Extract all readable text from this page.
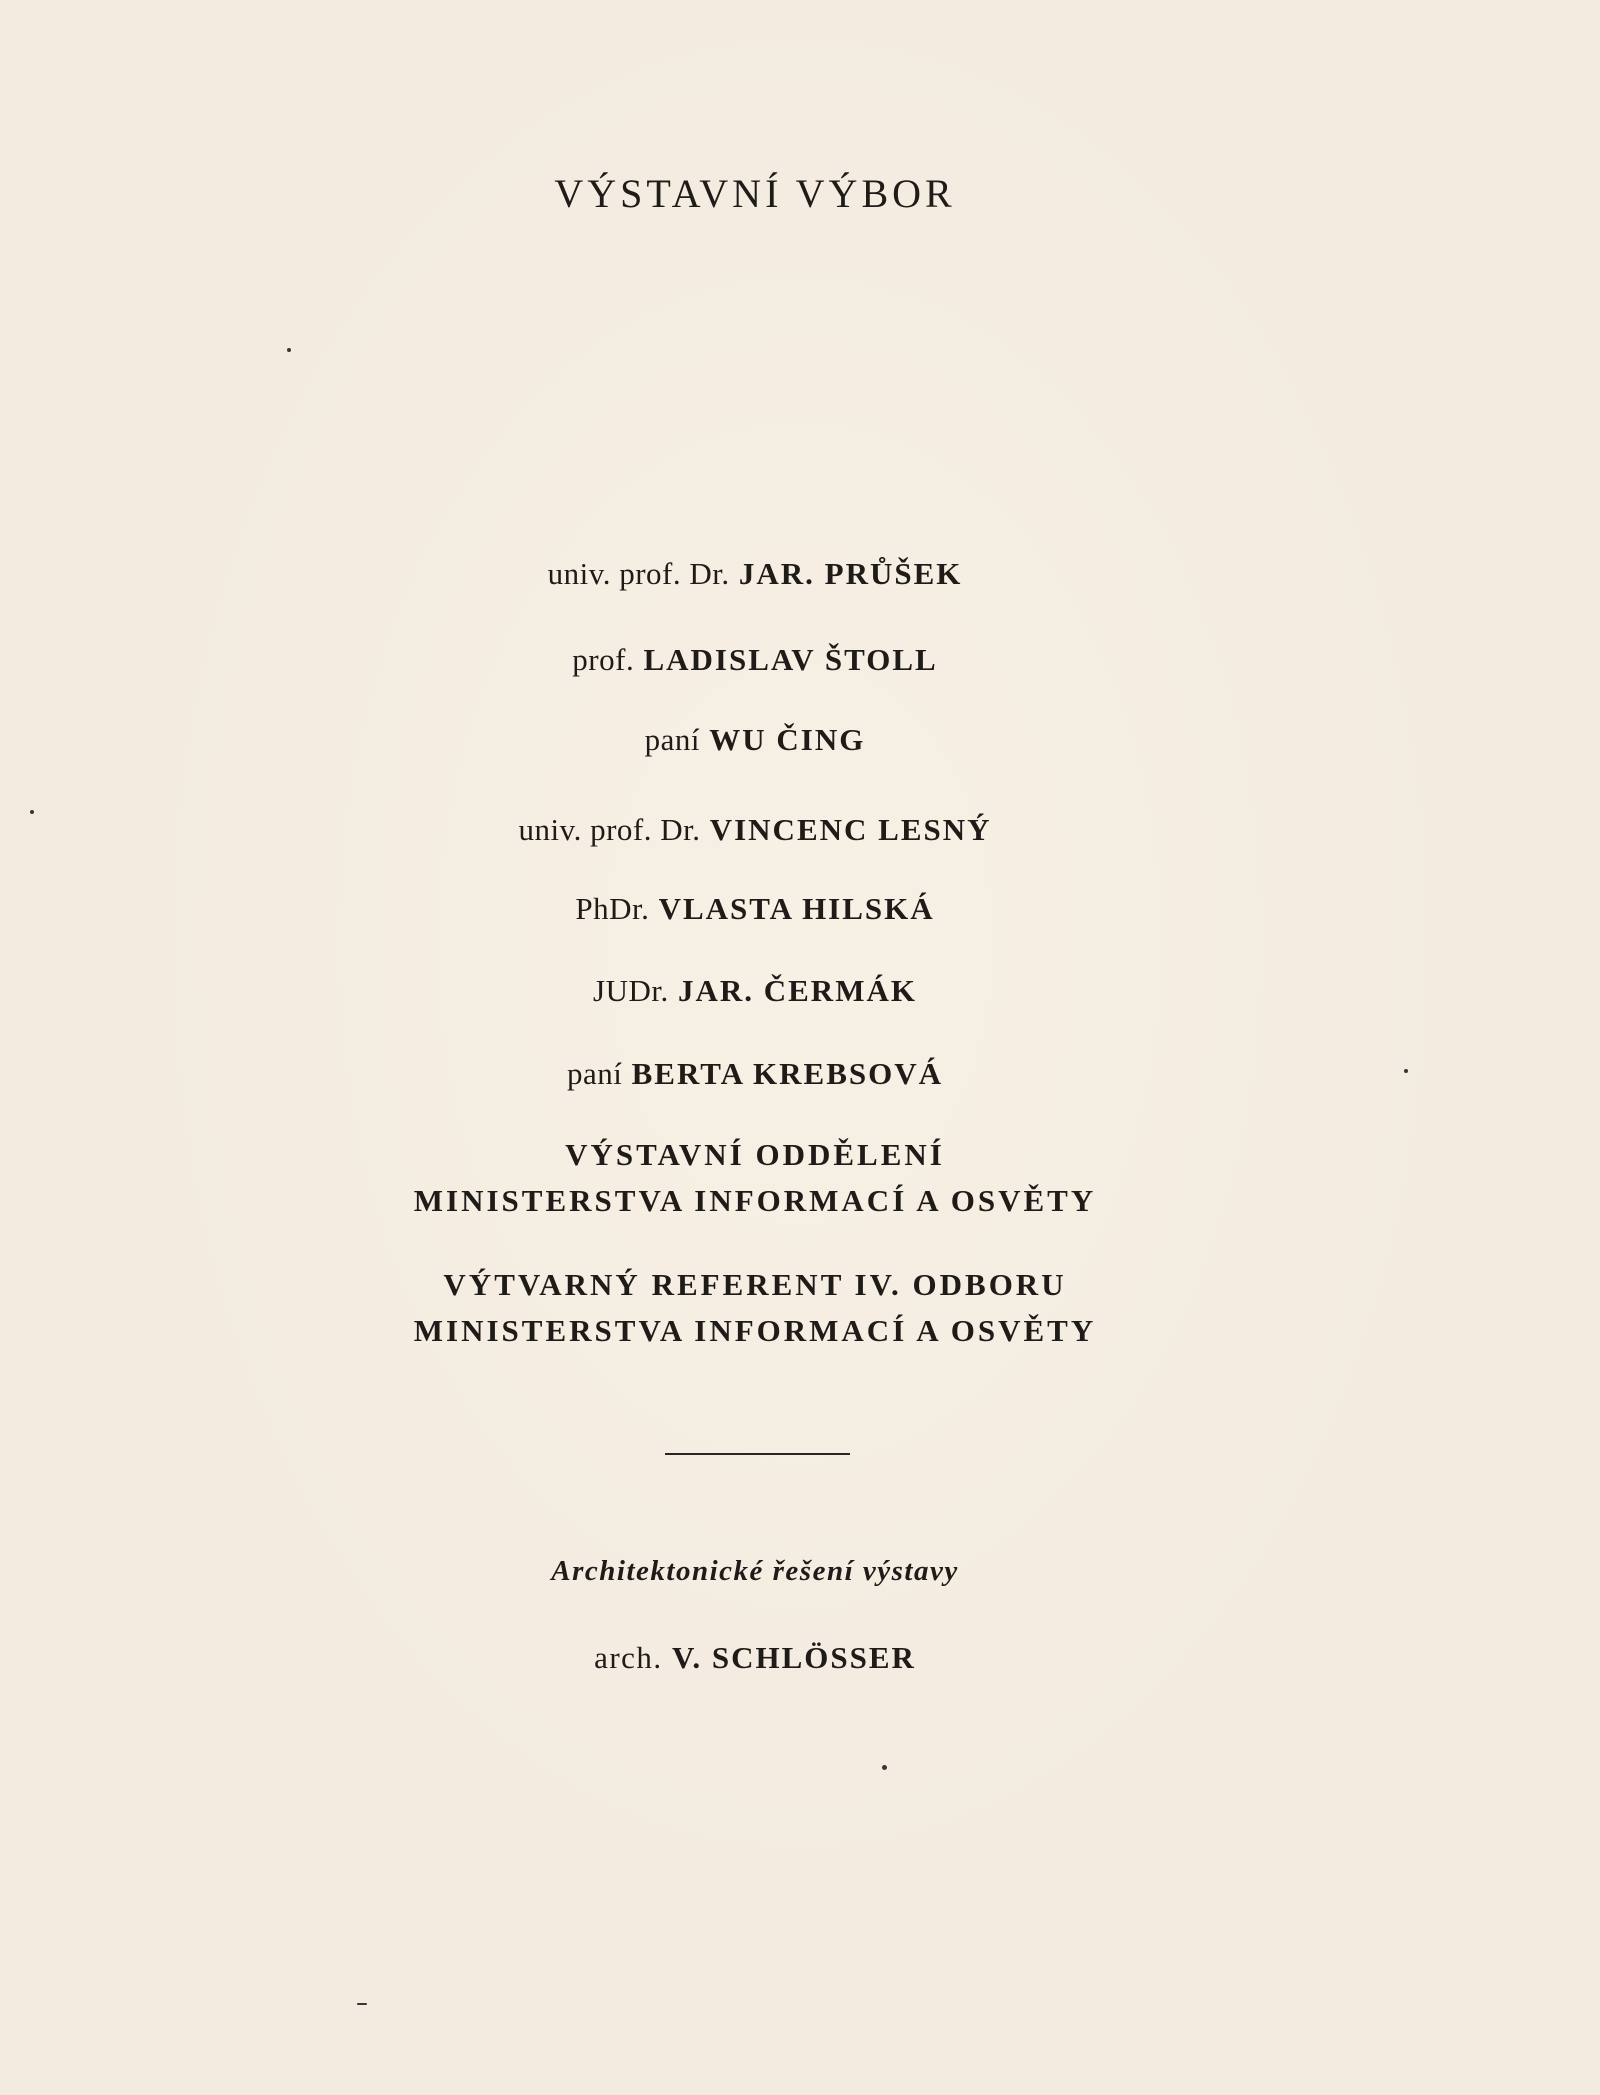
VÝSTAVNÍ VÝBOR
univ. prof. Dr. JAR. PRŮŠEK
prof. LADISLAV ŠTOLL
paní WU ČING
univ. prof. Dr. VINCENC LESNÝ
PhDr. VLASTA HILSKÁ
JUDr. JAR. ČERMÁK
paní BERTA KREBSOVÁ
VÝSTAVNÍ ODDĚLENÍ
MINISTERSTVA INFORMACÍ A OSVĚTY
VÝTVARNÝ REFERENT IV. ODBORU
MINISTERSTVA INFORMACÍ A OSVĚTY
Architektonické řešení výstavy
arch. V. SCHLÖSSER
